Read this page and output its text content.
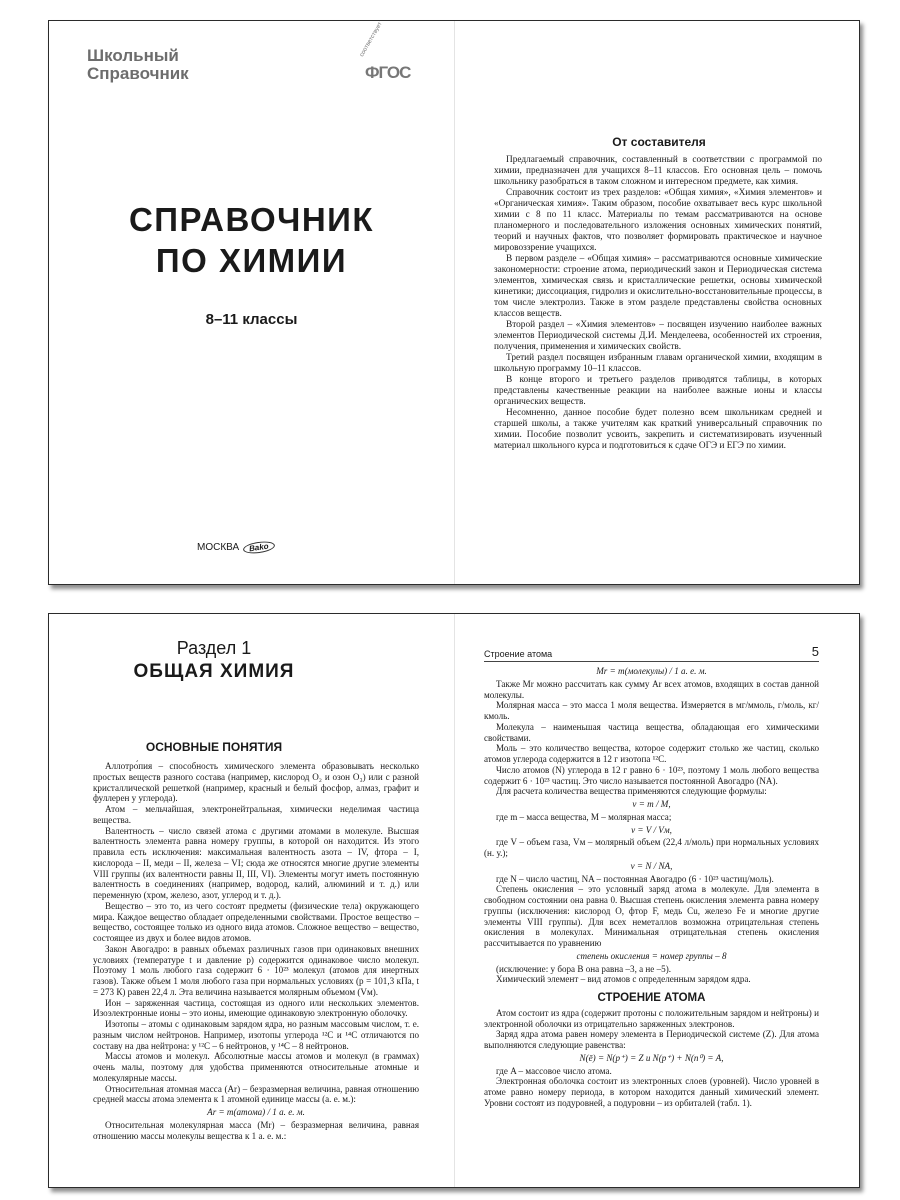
Школьный
Справочник
соответствует
ФГОС
СПРАВОЧНИК
ПО ХИМИИ
8–11 классы
МОСКВА	Bako
От составителя

Предлагаемый справочник, составленный в соответствии с программой по химии, предназначен для учащихся 8–11 классов. Его основная цель – помочь школьнику разобраться в таком сложном и интересном предмете, как химия.

Справочник состоит из трех разделов: «Общая химия», «Химия элементов» и «Органическая химия». Таким образом, пособие охватывает весь курс школьной химии с 8 по 11 класс. Материалы по темам рассматриваются на основе планомерного и последовательного изложения основных химических понятий, теорий и научных фактов, что позволяет формировать практическое и научное мировоззрение учащихся.

В первом разделе – «Общая химия» – рассматриваются основные химические закономерности: строение атома, периодический закон и Периодическая система элементов, химическая связь и кристаллические решетки, основы химической кинетики; диссоциация, гидролиз и окислительно-восстановительные процессы, в том числе электролиз. Также в этом разделе представлены свойства основных классов веществ.

Второй раздел – «Химия элементов» – посвящен изучению наиболее важных элементов Периодической системы Д.И. Менделеева, особенностей их строения, получения, применения и химических свойств.

Третий раздел посвящен избранным главам органической химии, входящим в школьную программу 10–11 классов.

В конце второго и третьего разделов приводятся таблицы, в которых представлены качественные реакции на наиболее важные ионы и классы органических веществ.

Несомненно, данное пособие будет полезно всем школьникам средней и старшей школы, а также учителям как краткий универсальный справочник по химии. Пособие позволит усвоить, закрепить и систематизировать изученный материал школьного курса и подготовиться к сдаче ОГЭ и ЕГЭ по химии.

Раздел 1
ОБЩАЯ ХИМИЯ
ОСНОВНЫЕ ПОНЯТИЯ

Аллотро́пия – способность химического элемента образовывать несколько простых веществ разного состава (например, кислород O₂ и озон O₃) или с разной кристаллической решеткой (например, красный и белый фосфор, алмаз, графит и фуллерен у углерода).

Атом – мельчайшая, электронейтральная, химически неделимая частица вещества.

Валентность – число связей атома с другими атомами в молекуле. Высшая валентность элемента равна номеру группы, в которой он находится. Из этого правила есть исключения: максимальная валентность азота – IV, фтора – I, кислорода – II, меди – II, железа – VI; сюда же относятся многие другие элементы VIII группы (их валентности равны II, III, VI). Элементы могут иметь постоянную валентность в соединениях (например, водород, калий, алюминий и т. д.) или переменную (хром, железо, азот, углерод и т. д.).

Вещество – это то, из чего состоят предметы (физические тела) окружающего мира. Каждое вещество обладает определенными свойствами. Простое вещество – вещество, состоящее только из одного вида атомов. Сложное вещество – вещество, состоящее из двух и более видов атомов.

Закон Авогадро: в равных объемах различных газов при одинаковых внешних условиях (температуре t и давление p) содержится одинаковое число молекул. Поэтому 1 моль любого газа содержит 6 · 10²³ молекул (атомов для инертных газов). Также объем 1 моля любого газа при нормальных условиях (p = 101,3 кПа, t = 273 К) равен 22,4 л. Эта величина называется молярным объемом (Vм).

Ион – заряженная частица, состоящая из одного или нескольких элементов. Изоэлектронные ионы – это ионы, имеющие одинаковую электронную оболочку.

Изотопы – атомы с одинаковым зарядом ядра, но разным массовым числом, т. е. разным числом нейтронов. Например, изотопы углерода ¹²C и ¹⁴C отличаются по составу на два нейтрона: у ¹²C – 6 нейтронов, у ¹⁴C – 8 нейтронов.

Массы атомов и молекул. Абсолютные массы атомов и молекул (в граммах) очень малы, поэтому для удобства применяются относительные атомные и молекулярные массы.

Относительная атомная масса (Ar) – безразмерная величина, равная отношению средней массы атома элемента к 1 атомной единице массы (а. е. м.):

Ar = m(атома) / 1 а. е. м.

Относительная молекулярная масса (Mr) – безразмерная величина, равная отношению массы молекулы вещества к 1 а. е. м.:

Строение атома	5
Mr = m(молекулы) / 1 а. е. м.

Также Mr можно рассчитать как сумму Ar всех атомов, входящих в состав данной молекулы.

Молярная масса – это масса 1 моля вещества. Измеряется в мг/ммоль, г/моль, кг/кмоль.

Молекула – наименьшая частица вещества, обладающая его химическими свойствами.

Моль – это количество вещества, которое содержит столько же частиц, сколько атомов углерода содержится в 12 г изотопа ¹²C.

Число атомов (N) углерода в 12 г равно 6 · 10²³, поэтому 1 моль любого вещества содержит 6 · 10²³ частиц. Это число называется постоянной Авогадро (NA).

Для расчета количества вещества применяются следующие формулы:

ν = m / M,

где m – масса вещества, M – молярная масса;

ν = V / Vм,

где V – объем газа, Vм – молярный объем (22,4 л/моль) при нормальных условиях (н. у.);

ν = N / NA,

где N – число частиц, NA – постоянная Авогадро (6 · 10²³ частиц/моль).

Степень окисления – это условный заряд атома в молекуле. Для элемента в свободном состоянии она равна 0. Высшая степень окисления элемента равна номеру группы (исключения: кислород O, фтор F, медь Cu, железо Fe и многие другие элементы VIII группы). Для всех неметаллов возможна отрицательная степень окисления в молекулах. Минимальная отрицательная степень окисления рассчитывается по уравнению

степень окисления = номер группы – 8

(исключение: у бора B она равна –3, а не –5).

Химический элемент – вид атомов с определенным зарядом ядра.

СТРОЕНИЕ АТОМА

Атом состоит из ядра (содержит протоны с положительным зарядом и нейтроны) и электронной оболочки из отрицательно заряженных электронов.

Заряд ядра атома равен номеру элемента в Периодической системе (Z). Для атома выполняются следующие равенства:

N(ē) = N(p⁺) = Z и N(p⁺) + N(n⁰) = A,

где A – массовое число атома.

Электронная оболочка состоит из электронных слоев (уровней). Число уровней в атоме равно номеру периода, в котором находится данный химический элемент. Уровни состоят из подуровней, а подуровни – из орбиталей (табл. 1).
